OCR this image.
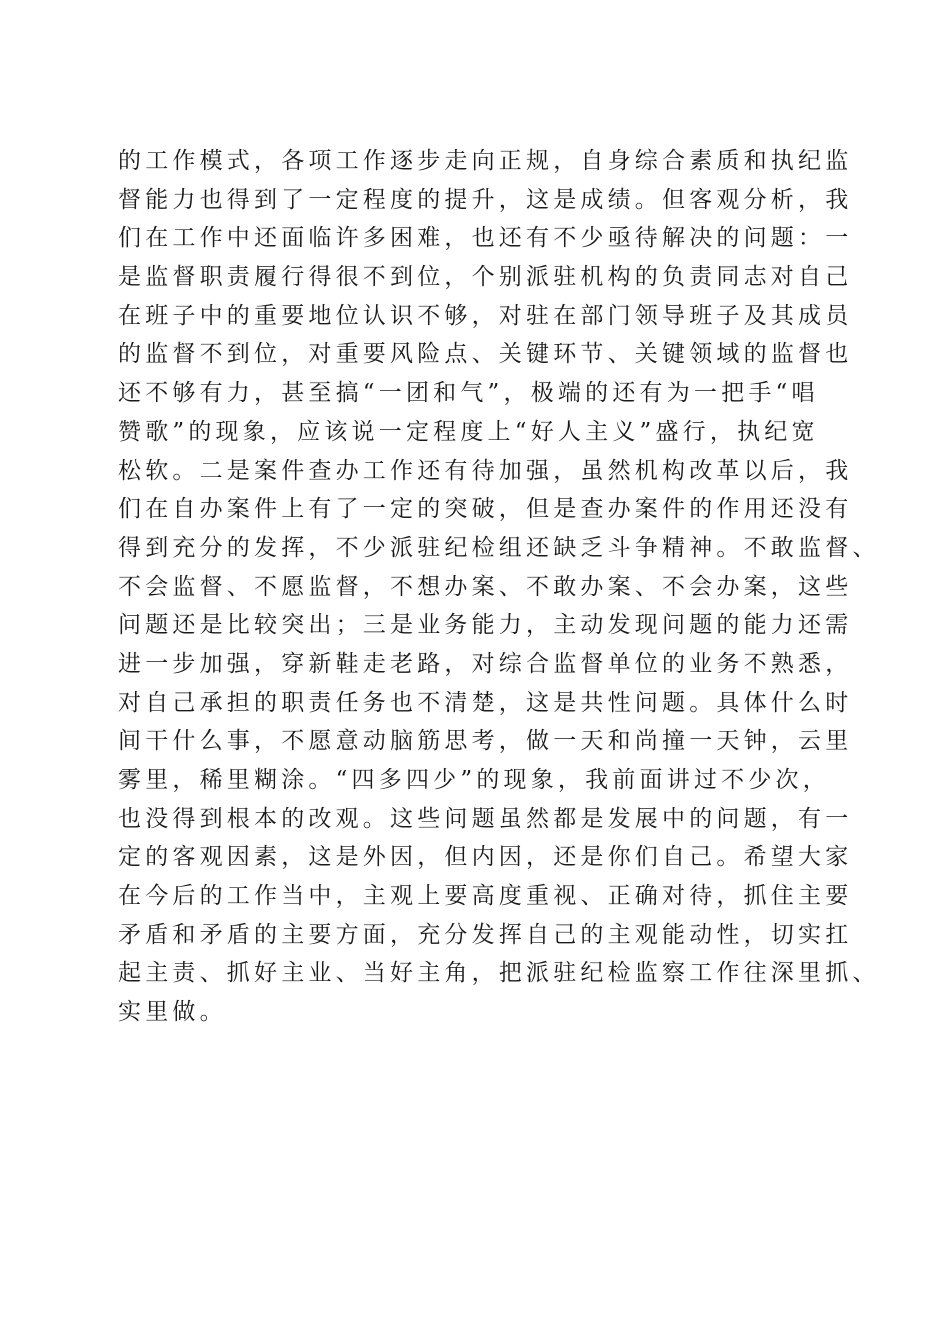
的工作模式，各项工作逐步走向正规，自身综合素质和执纪监
督能力也得到了一定程度的提升，这是成绩。但客观分析，我
们在工作中还面临许多困难，也还有不少亟待解决的问题：一
是监督职责履行得很不到位，个别派驻机构的负责同志对自己
在班子中的重要地位认识不够，对驻在部门领导班子及其成员
的监督不到位，对重要风险点、关键环节、关键领域的监督也
还不够有力，甚至搞“一团和气”，极端的还有为一把手“唱
赞歌”的现象，应该说一定程度上“好人主义”盛行，执纪宽
松软。二是案件查办工作还有待加强，虽然机构改革以后，我
们在自办案件上有了一定的突破，但是查办案件的作用还没有
得到充分的发挥，不少派驻纪检组还缺乏斗争精神。不敢监督、
不会监督、不愿监督，不想办案、不敢办案、不会办案，这些
问题还是比较突出；三是业务能力，主动发现问题的能力还需
进一步加强，穿新鞋走老路，对综合监督单位的业务不熟悉，
对自己承担的职责任务也不清楚，这是共性问题。具体什么时
间干什么事，不愿意动脑筋思考，做一天和尚撞一天钟，云里
雾里，稀里糊涂。“四多四少”的现象，我前面讲过不少次，
也没得到根本的改观。这些问题虽然都是发展中的问题，有一
定的客观因素，这是外因，但内因，还是你们自己。希望大家
在今后的工作当中，主观上要高度重视、正确对待，抓住主要
矛盾和矛盾的主要方面，充分发挥自己的主观能动性，切实扛
起主责、抓好主业、当好主角，把派驻纪检监察工作往深里抓、
实里做。
